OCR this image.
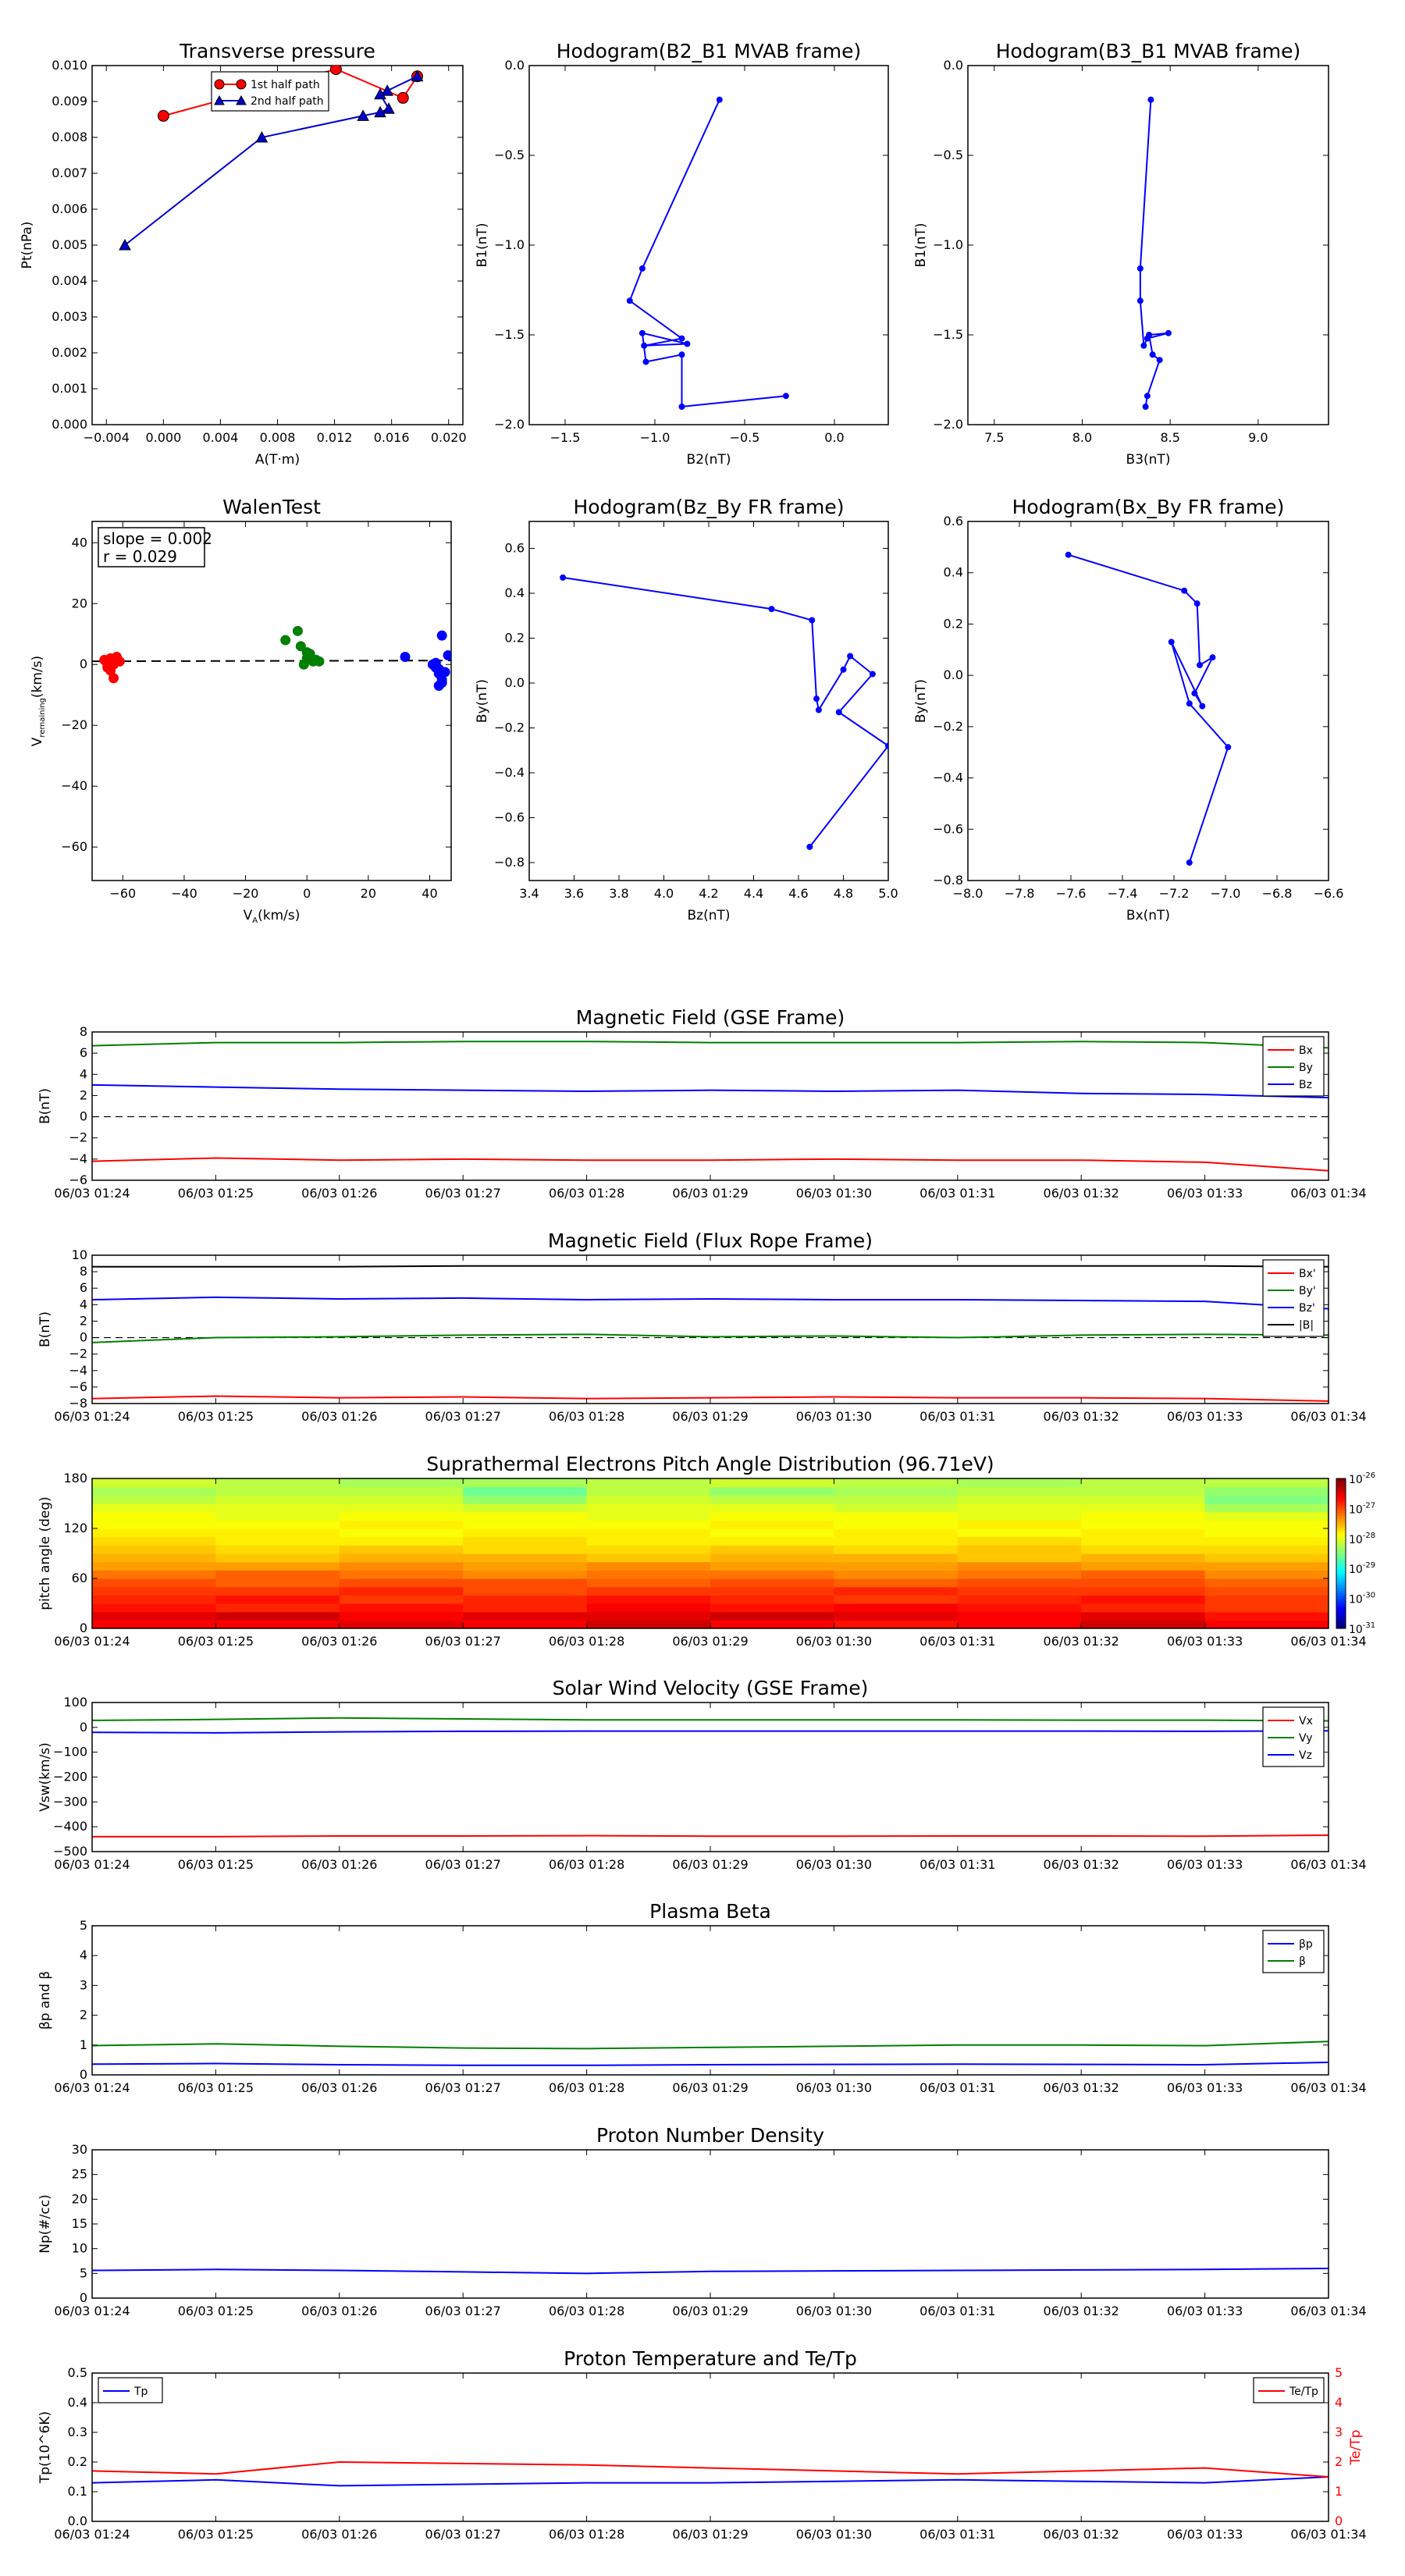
Transverse pressure
−0.004 0.000 0.004 0.008 0.012 0.016 0.020
0.000
0.001
0.002
0.003
0.004
0.005
0.006
0.007
0.008
0.009
0.010
A(T·m)
Pt(nPa)
1st half path
2nd half path
Hodogram(B2_B1 MVAB frame)
−1.5	−1.0	−0.5	0.0
−2.0
−1.5
−1.0
−0.5
0.0
B2(nT)
B1(nT)
Hodogram(B3_B1 MVAB frame)
7.5	8.0	8.5	9.0
−2.0
−1.5
−1.0
−0.5
0.0
B3(nT)
B1(nT)
WalenTest
−60	−40	−20	0	20	40
−60
−40
−20
0
20
40
$V_A(km/s)$
$V_{remaining}(km/s)$
slope = 0.002
r = 0.029
Hodogram(Bz_By FR frame)
3.4 3.6 3.8 4.0 4.2 4.4 4.6 4.8 5.0
−0.8
−0.6
−0.4
−0.2
0.0
0.2
0.4
0.6
Bz(nT)
By(nT)
Hodogram(Bx_By FR frame)
−8.0 −7.8 −7.6 −7.4 −7.2 −7.0 −6.8 −6.6
−0.8
−0.6
−0.4
−0.2
0.0
0.2
0.4
0.6
Bx(nT)
By(nT)
Magnetic Field (GSE Frame)
06/03 01:24	06/03 01:25	06/03 01:26	06/03 01:27	06/03 01:28	06/03 01:29	06/03 01:30	06/03 01:31	06/03 01:32	06/03 01:33	06/03 01:34
−6
−4
−2
0
2
4
6
8
B(nT)
Bx
By
Bz
Magnetic Field (Flux Rope Frame)
06/03 01:24	06/03 01:25	06/03 01:26	06/03 01:27	06/03 01:28	06/03 01:29	06/03 01:30	06/03 01:31	06/03 01:32	06/03 01:33	06/03 01:34
−8
−6
−4
−2
0
2
4
6
8
10
B(nT)
Bx'
By'
Bz'
|B|
Suprathermal Electrons Pitch Angle Distribution (96.71eV)
$10^{-26}$
$10^{-27}$
$10^{-28}$
$10^{-29}$
$10^{-30}$
$10^{-31}$
06/03 01:24	06/03 01:25	06/03 01:26	06/03 01:27	06/03 01:28	06/03 01:29	06/03 01:30	06/03 01:31	06/03 01:32	06/03 01:33	06/03 01:34
0
60
120
180
pitch angle (deg)
Solar Wind Velocity (GSE Frame)
06/03 01:24	06/03 01:25	06/03 01:26	06/03 01:27	06/03 01:28	06/03 01:29	06/03 01:30	06/03 01:31	06/03 01:32	06/03 01:33	06/03 01:34
−500
−400
−300
−200
−100
0
100
Vsw(km/s)
Vx
Vy
Vz
Plasma Beta
06/03 01:24	06/03 01:25	06/03 01:26	06/03 01:27	06/03 01:28	06/03 01:29	06/03 01:30	06/03 01:31	06/03 01:32	06/03 01:33	06/03 01:34
0
1
2
3
4
5
βp and β
βp
β
Proton Number Density
06/03 01:24	06/03 01:25	06/03 01:26	06/03 01:27	06/03 01:28	06/03 01:29	06/03 01:30	06/03 01:31	06/03 01:32	06/03 01:33	06/03 01:34
0
5
10
15
20
25
30
Np(#/cc)
Proton Temperature and Te/Tp
06/03 01:24	06/03 01:25	06/03 01:26	06/03 01:27	06/03 01:28	06/03 01:29	06/03 01:30	06/03 01:31	06/03 01:32	06/03 01:33	06/03 01:34
0.0
0.1
0.2
0.3
0.4
0.5
Tp(10^6K)
Tp	Te/Tp
0
1
2
3
4
5
Te/Tp
